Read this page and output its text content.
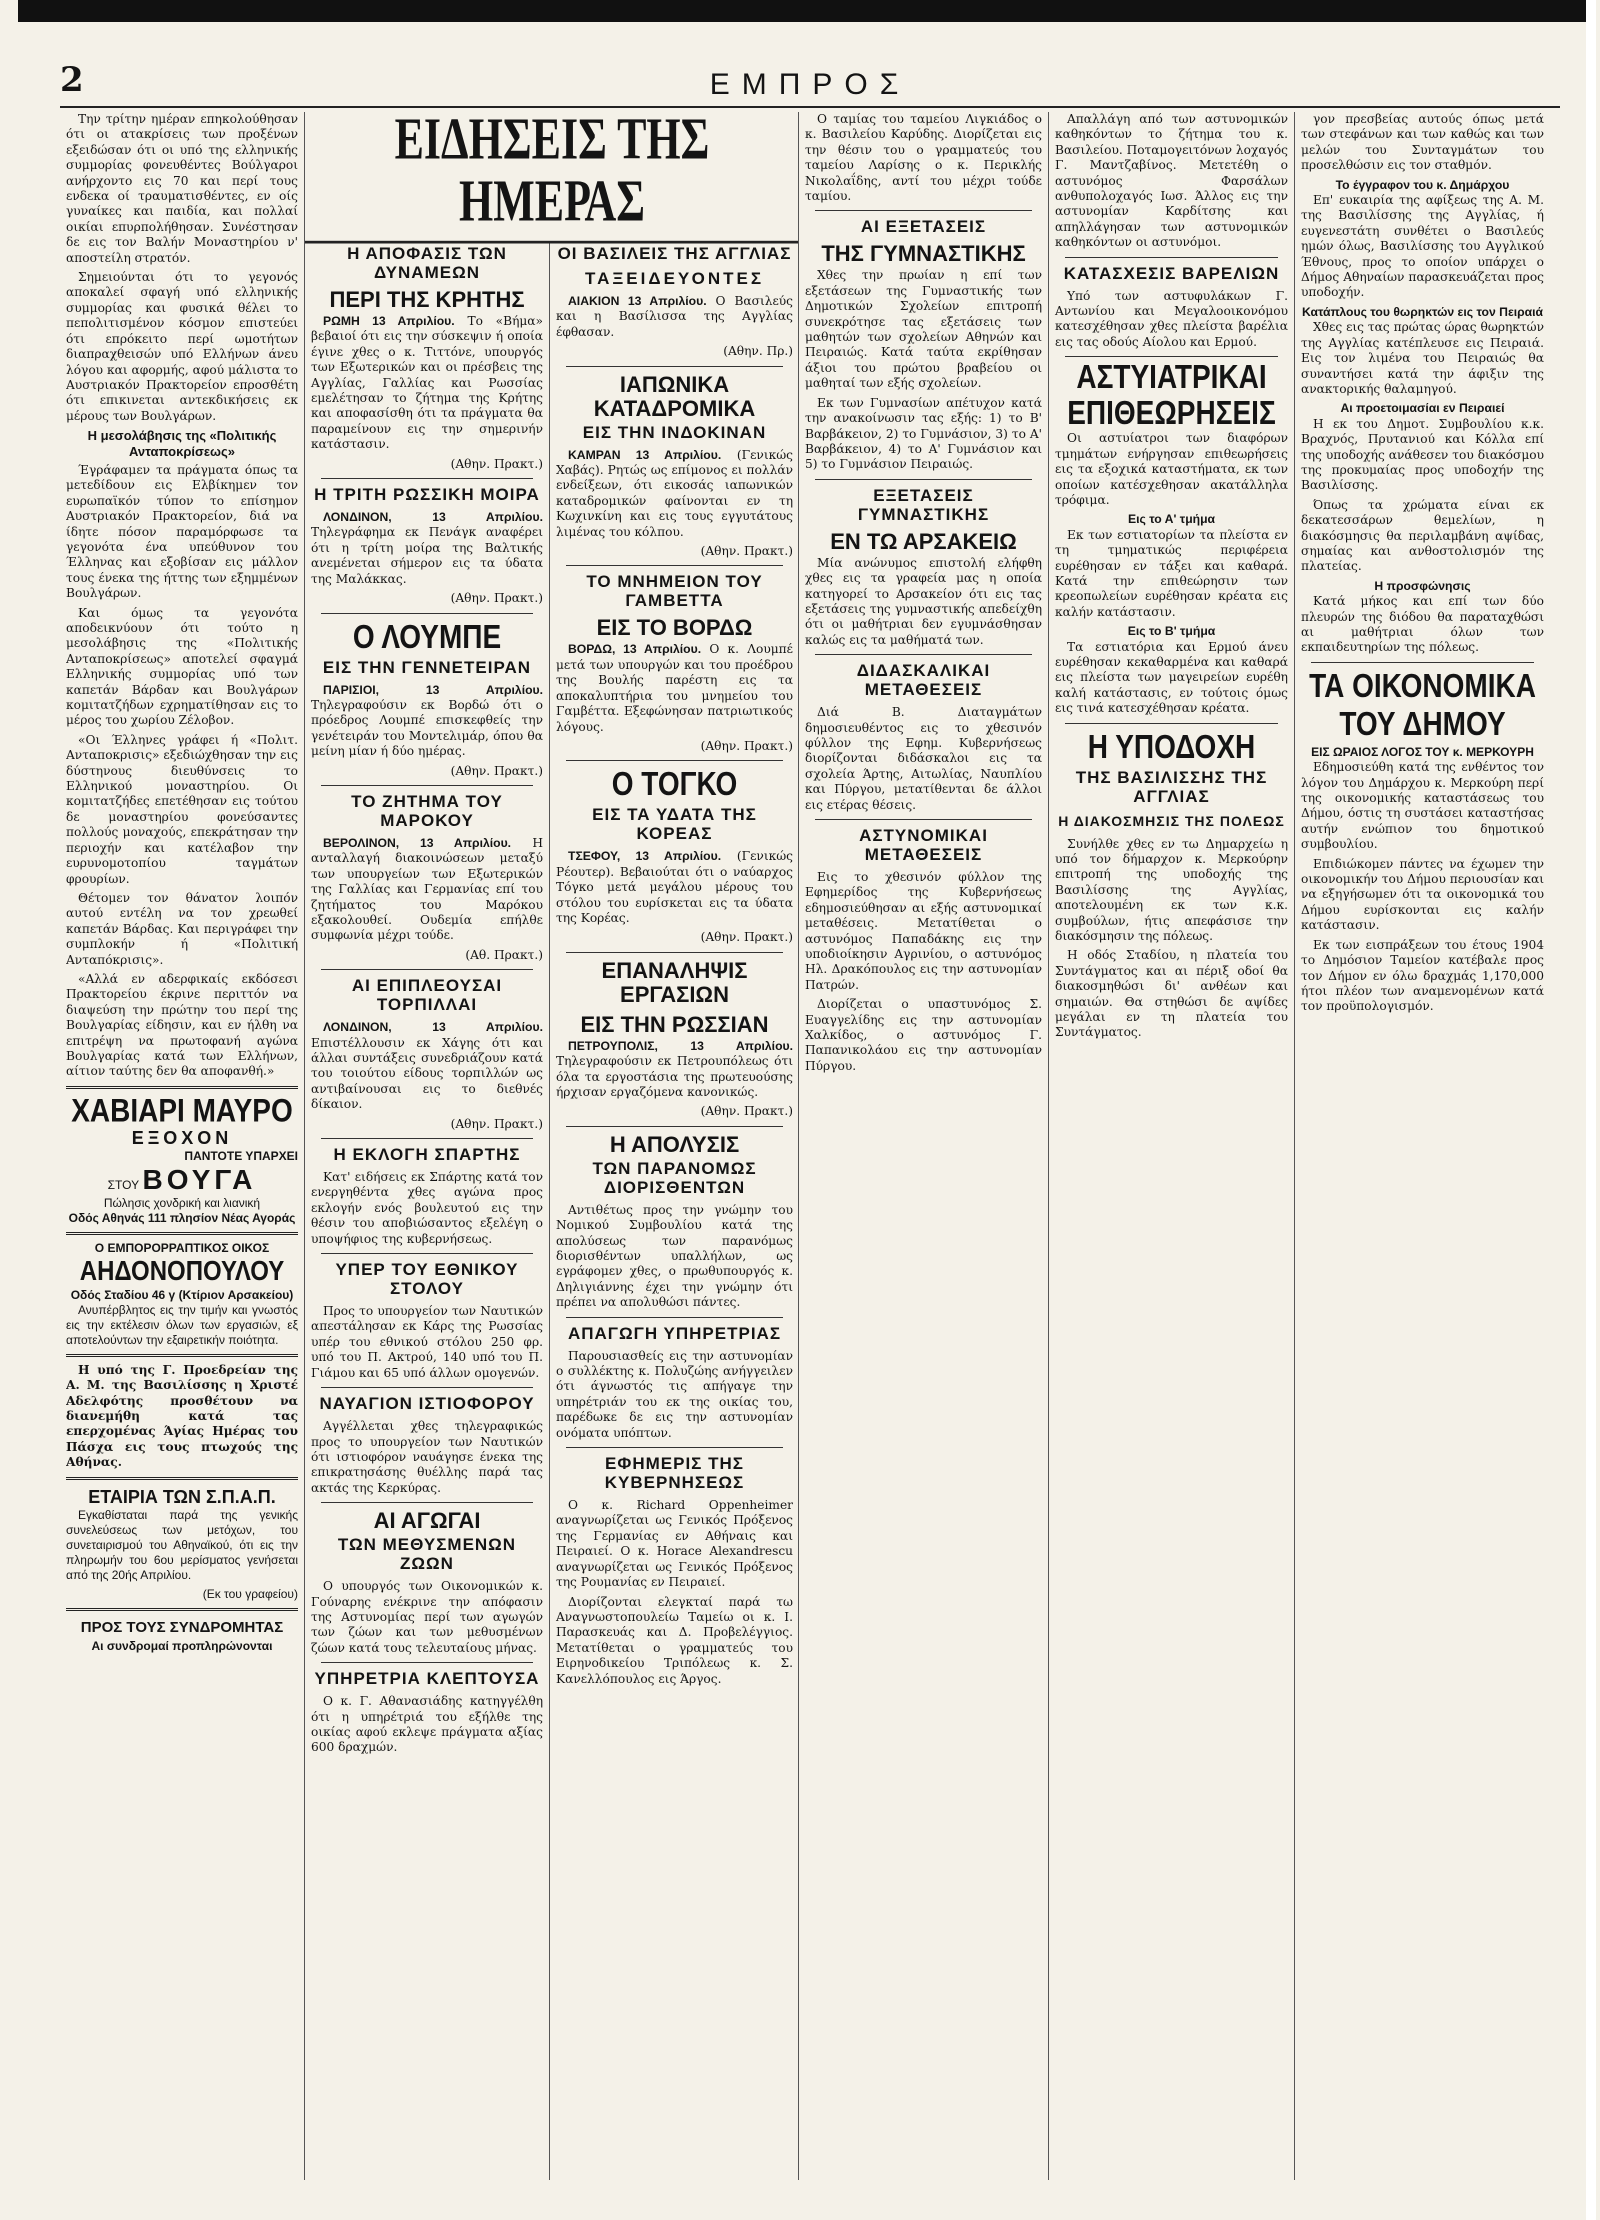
2	ΕΜΠΡΟΣ

Την τρίτην ημέραν επηκολούθησαν ότι οι ατακρίσεις των προξένων εξειδώσαν ότι οι υπό της ελληνικής συμμορίας φονευθέντες Βούλγαροι ανήρχοντο εις 70 και περί τους ενδεκα οί τραυματισθέντες, εν οίς γυναίκες και παιδία, και πολλαί οικίαι επυρπολήθησαν. Συνέστησαν δε εις τον Βαλήν Μοναστηρίου ν' αποστείλη στρατόν.

Σημειούνται ότι το γεγονός αποκαλεί σφαγή υπό ελληνικής συμμορίας και φυσικά θέλει το πεπολιτισμένον κόσμον επιστεύει ότι επρόκειτο περί ωμοτήτων διαπραχθεισών υπό Ελλήνων άνευ λόγου και αφορμής, αφού μάλιστα το Αυστριακόν Πρακτορείον επροσθέτη ότι επικινεται αντεκδικήσεις εκ μέρους των Βουλγάρων.

Η μεσολάβησις της «Πολιτικής Ανταποκρίσεως»

Έγράφαμεν τα πράγματα όπως τα μετεδίδουν εις Ελβίκημεν τον ευρωπαϊκόν τύπον το επίσημον Αυστριακόν Πρακτορείον, διά να ίδητε πόσον παραμόρφωσε τα γεγονότα ένα υπεύθυνον του Έλληνας και εξοβίσαν εις μάλλον τους ένεκα της ήττης των εξημμένων Βουλγάρων.

Και όμως τα γεγονότα αποδεικνύουν ότι τούτο η μεσολάβησις της «Πολιτικής Ανταποκρίσεως» αποτελεί σφαγμά Ελληνικής συμμορίας υπό των καπετάν Βάρδαν και Βουλγάρων κομιτατζήδων εχρηματίθησαν εις το μέρος του χωρίου Ζέλοβον.

«Οι Έλληνες γράφει ή «Πολιτ. Ανταποκρισις» εξεδιώχθησαν την εις δύστηνους διευθύνσεις το Ελληνικού μοναστηρίου. Οι κομιτατζήδες επετέθησαν εις τούτου δε μοναστηρίου φονεύσαντες πολλούς μοναχούς, επεκράτησαν την περιοχήν και κατέλαβον την ευρυνομοτοπίου ταγμάτων φρουρίων.

Θέτομεν τον θάνατον λοιπόν αυτού εντέλη να τον χρεωθεί καπετάν Βάρδας. Και περιγράφει την συμπλοκήν ή «Πολιτική Ανταπόκρισις».

«Αλλά εν αδερφικαίς εκδόσεσι Πρακτορείου έκρινε περιττόν να διαψεύση την πρώτην του περί της Βουλγαρίας είδησιν, και εν ήλθη να επιτρέψη να πρωτοφανή αγώνα Βουλγαρίας κατά των Ελλήνων, αίτιον ταύτης δεν θα αποφανθή.»

ΧΑΒΙΑΡΙ ΜΑΥΡΟ
ΕΞΟΧΟΝ
ΠΑΝΤΟΤΕ ΥΠΑΡΧΕΙ
ΣΤΟΥ ΒΟΥΓΑ
Πώλησις χονδρική και λιανική
Οδός Αθηνάς 111 πλησίον Νέας Αγοράς
Ο ΕΜΠΟΡΟΡΡΑΠΤΙΚΟΣ ΟΙΚΟΣ
ΑΗΔΟΝΟΠΟΥΛΟΥ
Οδός Σταδίου 46 γ (Κτίριον Αρσακείου)

Ανυπέρβλητος εις την τιμήν και γνωστός εις την εκτέλεσιν όλων των εργασιών, εξ αποτελούντων την εξαιρετικήν ποιότητα.

Η υπό της Γ. Προεδρείαν της Α. Μ. της Βασιλίσσης η Χριστέ Αδελφότης προσθέτουν να διανεμήθη κατά τας επερχομένας Άγίας Ημέρας του Πάσχα εις τους πτωχούς της Αθήνας.

ΕΤΑΙΡΙΑ ΤΩΝ Σ.Π.Α.Π.

Εγκαθίσταται παρά της γενικής συνελεύσεως των μετόχων, του συνεταιρισμού του Αθηναϊκού, ότι εις την πληρωμήν του 6ου μερίσματος γενήσεται από της 20ής Απριλίου.

(Εκ του γραφείου)
ΠΡΟΣ ΤΟΥΣ ΣΥΝΔΡΟΜΗΤΑΣ
Αι συνδρομαί προπληρώνονται
ΕΙΔΗΣΕΙΣ ΤΗΣ ΗΜΕΡΑΣ
Η ΑΠΟΦΑΣΙΣ ΤΩΝ ΔΥΝΑΜΕΩΝ
ΠΕΡΙ ΤΗΣ ΚΡΗΤΗΣ

ΡΩΜΗ 13 Απριλίου. Το «Βήμα» βεβαιοί ότι εις την σύσκεψιν ή οποία έγινε χθες ο κ. Τιττόνε, υπουργός των Εξωτερικών και οι πρέσβεις της Αγγλίας, Γαλλίας και Ρωσσίας εμελέτησαν το ζήτημα της Κρήτης και αποφασίσθη ότι τα πράγματα θα παραμείνουν εις την σημερινήν κατάστασιν.

(Αθην. Πρακτ.)
Η ΤΡΙΤΗ ΡΩΣΣΙΚΗ ΜΟΙΡΑ

ΛΟΝΔΙΝΟΝ, 13 Απριλίου. Τηλεγράφημα εκ Πενάγκ αναφέρει ότι η τρίτη μοίρα της Βαλτικής ανεμένεται σήμερον εις τα ύδατα της Μαλάκκας.

(Αθην. Πρακτ.)
Ο ΛΟΥΜΠΕ
ΕΙΣ ΤΗΝ ΓΕΝΝΕΤΕΙΡΑΝ

ΠΑΡΙΣΙΟΙ, 13 Απριλίου. Τηλεγραφούσιν εκ Βορδώ ότι ο πρόεδρος Λουμπέ επισκεφθείς την γενέτειράν του Μοντελιμάρ, όπου θα μείνη μίαν ή δύο ημέρας.

(Αθην. Πρακτ.)
ΤΟ ΖΗΤΗΜΑ ΤΟΥ ΜΑΡΟΚΟΥ

ΒΕΡΟΛΙΝΟΝ, 13 Απριλίου. Η ανταλλαγή διακοινώσεων μεταξύ των υπουργείων των Εξωτερικών της Γαλλίας και Γερμανίας επί του ζητήματος του Μαρόκου εξακολουθεί. Ουδεμία επήλθε συμφωνία μέχρι τούδε.

(Αθ. Πρακτ.)
ΑΙ ΕΠΙΠΛΕΟΥΣΑΙ ΤΟΡΠΙΛΛΑΙ

ΛΟΝΔΙΝΟΝ, 13 Απριλίου. Επιστέλλουσιν εκ Χάγης ότι και άλλαι συντάξεις συνεδριάζουν κατά του τοιούτου είδους τορπιλλών ως αντιβαίνουσαι εις το διεθνές δίκαιον.

(Αθην. Πρακτ.)
Η ΕΚΛΟΓΗ ΣΠΑΡΤΗΣ

Κατ' ειδήσεις εκ Σπάρτης κατά τον ενεργηθέντα χθες αγώνα προς εκλογήν ενός βουλευτού εις την θέσιν του αποβιώσαντος εξελέγη ο υποψήφιος της κυβερνήσεως.

ΥΠΕΡ ΤΟΥ ΕΘΝΙΚΟΥ ΣΤΟΛΟΥ

Προς το υπουργείον των Ναυτικών απεστάλησαν εκ Κάρς της Ρωσσίας υπέρ του εθνικού στόλου 250 φρ. υπό του Π. Ακτρού, 140 υπό του Π. Γιάμου και 65 υπό άλλων ομογενών.

ΝΑΥΑΓΙΟΝ ΙΣΤΙΟΦΟΡΟΥ

Αγγέλλεται χθες τηλεγραφικώς προς το υπουργείον των Ναυτικών ότι ιστιοφόρον ναυάγησε ένεκα της επικρατησάσης θυέλλης παρά τας ακτάς της Κερκύρας.

ΑΙ ΑΓΩΓΑΙ
ΤΩΝ ΜΕΘΥΣΜΕΝΩΝ ΖΩΩΝ

Ο υπουργός των Οικονομικών κ. Γούναρης ενέκρινε την απόφασιν της Αστυνομίας περί των αγωγών των ζώων και των μεθυσμένων ζώων κατά τους τελευταίους μήνας.

ΥΠΗΡΕΤΡΙΑ ΚΛΕΠΤΟΥΣΑ

Ο κ. Γ. Αθανασιάδης κατηγγέλθη ότι η υπηρέτριά του εξήλθε της οικίας αφού εκλεψε πράγματα αξίας 600 δραχμών.

ΟΙ ΒΑΣΙΛΕΙΣ ΤΗΣ ΑΓΓΛΙΑΣ
ΤΑΞΕΙΔΕΥΟΝΤΕΣ

ΑΙΑΚΙΟΝ 13 Απριλίου. Ο Βασιλεύς και η Βασίλισσα της Αγγλίας έφθασαν.

(Αθην. Πρ.)
ΙΑΠΩΝΙΚΑ ΚΑΤΑΔΡΟΜΙΚΑ
ΕΙΣ ΤΗΝ ΙΝΔΟΚΙΝΑΝ

ΚΑΜΡΑΝ 13 Απριλίου. (Γενικώς Χαβάς). Ρητώς ως επίμονος ει πολλάν ενδείξεων, ότι εικοσάς ιαπωνικών καταδρομικών φαίνονται εν τη Κωχινκίνη και εις τους εγγυτάτους λιμένας του κόλπου.

(Αθην. Πρακτ.)
ΤΟ ΜΝΗΜΕΙΟΝ ΤΟΥ ΓΑΜΒΕΤΤΑ
ΕΙΣ ΤΟ ΒΟΡΔΩ

ΒΟΡΔΩ, 13 Απριλίου. Ο κ. Λουμπέ μετά των υπουργών και του προέδρου της Βουλής παρέστη εις τα αποκαλυπτήρια του μνημείου του Γαμβέττα. Εξεφώνησαν πατριωτικούς λόγους.

(Αθην. Πρακτ.)
Ο ΤΟΓΚΟ
ΕΙΣ ΤΑ ΥΔΑΤΑ ΤΗΣ ΚΟΡΕΑΣ

ΤΣΕΦΟΥ, 13 Απριλίου. (Γενικώς Ρέουτερ). Βεβαιούται ότι ο ναύαρχος Τόγκο μετά μεγάλου μέρους του στόλου του ευρίσκεται εις τα ύδατα της Κορέας.

(Αθην. Πρακτ.)
ΕΠΑΝΑΛΗΨΙΣ ΕΡΓΑΣΙΩΝ
ΕΙΣ ΤΗΝ ΡΩΣΣΙΑΝ

ΠΕΤΡΟΥΠΟΛΙΣ, 13 Απριλίου. Τηλεγραφούσιν εκ Πετρουπόλεως ότι όλα τα εργοστάσια της πρωτευούσης ήρχισαν εργαζόμενα κανονικώς.

(Αθην. Πρακτ.)
Η ΑΠΟΛΥΣΙΣ
ΤΩΝ ΠΑΡΑΝΟΜΩΣ ΔΙΟΡΙΣΘΕΝΤΩΝ

Αντιθέτως προς την γνώμην του Νομικού Συμβουλίου κατά της απολύσεως των παρανόμως διορισθέντων υπαλλήλων, ως εγράφομεν χθες, ο πρωθυπουργός κ. Δηλιγιάννης έχει την γνώμην ότι πρέπει να απολυθώσι πάντες.

ΑΠΑΓΩΓΗ ΥΠΗΡΕΤΡΙΑΣ

Παρουσιασθείς εις την αστυνομίαν ο συλλέκτης κ. Πολυζώης ανήγγειλεν ότι άγνωστός τις απήγαγε την υπηρέτριάν του εκ της οικίας του, παρέδωκε δε εις την αστυνομίαν ονόματα υπόπτων.

ΕΦΗΜΕΡΙΣ ΤΗΣ ΚΥΒΕΡΝΗΣΕΩΣ

Ο κ. Richard Oppenheimer αναγνωρίζεται ως Γενικός Πρόξενος της Γερμανίας εν Αθήναις και Πειραιεί. Ο κ. Horace Alexandrescu αναγνωρίζεται ως Γενικός Πρόξενος της Ρουμανίας εν Πειραιεί.

Διορίζονται ελεγκταί παρά τω Αναγνωστοπουλείω Ταμείω οι κ. Ι. Παρασκευάς και Δ. Προβελέγγιος. Μετατίθεται ο γραμματεύς του Ειρηνοδικείου Τριπόλεως κ. Σ. Κανελλόπουλος εις Άργος.

Ο ταμίας του ταμείου Λιγκιάδος ο κ. Βασιλείου Καρύδης. Διορίζεται εις την θέσιν του ο γραμματεύς του ταμείου Λαρίσης ο κ. Περικλής Νικολαΐδης, αντί του μέχρι τούδε ταμίου.

ΑΙ ΕΞΕΤΑΣΕΙΣ
ΤΗΣ ΓΥΜΝΑΣΤΙΚΗΣ

Χθες την πρωίαν η επί των εξετάσεων της Γυμναστικής των Δημοτικών Σχολείων επιτροπή συνεκρότησε τας εξετάσεις των μαθητών των σχολείων Αθηνών και Πειραιώς. Κατά ταύτα εκρίθησαν άξιοι του πρώτου βραβείου οι μαθηταί των εξής σχολείων.

Εκ των Γυμνασίων απέτυχον κατά την ανακοίνωσιν τας εξής: 1) το Β' Βαρβάκειον, 2) το Γυμνάσιον, 3) το Α' Βαρβάκειον, 4) το Α' Γυμνάσιον και 5) το Γυμνάσιον Πειραιώς.

ΕΞΕΤΑΣΕΙΣ ΓΥΜΝΑΣΤΙΚΗΣ
ΕΝ ΤΩ ΑΡΣΑΚΕΙΩ

Μία ανώνυμος επιστολή ελήφθη χθες εις τα γραφεία μας η οποία κατηγορεί το Αρσακείον ότι εις τας εξετάσεις της γυμναστικής απεδείχθη ότι οι μαθήτριαι δεν εγυμνάσθησαν καλώς εις τα μαθήματά των.

ΔΙΔΑΣΚΑΛΙΚΑΙ ΜΕΤΑΘΕΣΕΙΣ

Διά Β. Διαταγμάτων δημοσιευθέντος εις το χθεσινόν φύλλον της Εφημ. Κυβερνήσεως διορίζονται διδάσκαλοι εις τα σχολεία Άρτης, Αιτωλίας, Ναυπλίου και Πύργου, μετατίθενται δε άλλοι εις ετέρας θέσεις.

ΑΣΤΥΝΟΜΙΚΑΙ ΜΕΤΑΘΕΣΕΙΣ

Εις το χθεσινόν φύλλον της Εφημερίδος της Κυβερνήσεως εδημοσιεύθησαν αι εξής αστυνομικαί μεταθέσεις. Μετατίθεται ο αστυνόμος Παπαδάκης εις την υποδιοίκησιν Αγρινίου, ο αστυνόμος Ηλ. Δρακόπουλος εις την αστυνομίαν Πατρών.

Διορίζεται ο υπαστυνόμος Σ. Ευαγγελίδης εις την αστυνομίαν Χαλκίδος, ο αστυνόμος Γ. Παπανικολάου εις την αστυνομίαν Πύργου.

Απαλλάγη από των αστυνομικών καθηκόντων το ζήτημα του κ. Βασιλείου. Ποταμογειτόνων λοχαγός Γ. Μαντζαβίνος. Μετετέθη ο αστυνόμος Φαρσάλων ανθυπολοχαγός Ιωσ. Άλλος εις την αστυνομίαν Καρδίτσης και απηλλάγησαν των αστυνομικών καθηκόντων οι αστυνόμοι.

ΚΑΤΑΣΧΕΣΙΣ ΒΑΡΕΛΙΩΝ

Υπό των αστυφυλάκων Γ. Αντωνίου και Μεγαλοοικονόμου κατεσχέθησαν χθες πλείστα βαρέλια εις τας οδούς Αίολου και Ερμού.

ΑΣΤΥΙΑΤΡΙΚΑΙ ΕΠΙΘΕΩΡΗΣΕΙΣ

Οι αστυίατροι των διαφόρων τμημάτων ενήργησαν επιθεωρήσεις εις τα εξοχικά καταστήματα, εκ των οποίων κατέσχεθησαν ακατάλληλα τρόφιμα.

Εις το Α' τμήμα

Εκ των εστιατορίων τα πλείστα εν τη τμηματικώς περιφέρεια ευρέθησαν εν τάξει και καθαρά. Κατά την επιθεώρησιν των κρεοπωλείων ευρέθησαν κρέατα εις καλήν κατάστασιν.

Εις το Β' τμήμα

Τα εστιατόρια και Ερμού άνευ ευρέθησαν κεκαθαρμένα και καθαρά εις πλείστα των μαγειρείων ευρέθη καλή κατάστασις, εν τούτοις όμως εις τινά κατεσχέθησαν κρέατα.

Η ΥΠΟΔΟΧΗ
ΤΗΣ ΒΑΣΙΛΙΣΣΗΣ ΤΗΣ ΑΓΓΛΙΑΣ
Η ΔΙΑΚΟΣΜΗΣΙΣ ΤΗΣ ΠΟΛΕΩΣ

Συνήλθε χθες εν τω Δημαρχείω η υπό τον δήμαρχον κ. Μερκούρην επιτροπή της υποδοχής της Βασιλίσσης της Αγγλίας, αποτελουμένη εκ των κ.κ. συμβούλων, ήτις απεφάσισε την διακόσμησιν της πόλεως.

Η οδός Σταδίου, η πλατεία του Συντάγματος και αι πέριξ οδοί θα διακοσμηθώσι δι' ανθέων και σημαιών. Θα στηθώσι δε αψίδες μεγάλαι εν τη πλατεία του Συντάγματος.

γον πρεσβείας αυτούς όπως μετά των στεφάνων και των καθώς και των μελών του Συνταγμάτων του προσελθώσιν εις τον σταθμόν.

Το έγγραφον του κ. Δημάρχου

Επ' ευκαιρία της αφίξεως της Α. Μ. της Βασιλίσσης της Αγγλίας, ή ευγενεστάτη συνθέτει ο Βασιλεύς ημών όλως, Βασιλίσσης του Αγγλικού Έθνους, προς το οποίον υπάρχει ο Δήμος Αθηναίων παρασκευάζεται προς υποδοχήν.

Κατάπλους του θωρηκτών εις τον Πειραιά

Χθες εις τας πρώτας ώρας θωρηκτών της Αγγλίας κατέπλευσε εις Πειραιά. Εις τον λιμένα του Πειραιώς θα συναντήσει κατά την άφιξιν της ανακτορικής θαλαμηγού.

Αι προετοιμασίαι εν Πειραιεί

Η εκ του Δημοτ. Συμβουλίου κ.κ. Βραχνός, Πρυτανιού και Κόλλα επί της υποδοχής ανάθεσεν του διακόσμου της προκυμαίας προς υποδοχήν της Βασιλίσσης.

Όπως τα χρώματα είναι εκ δεκατεσσάρων θεμελίων, η διακόσμησις θα περιλαμβάνη αψίδας, σημαίας και ανθοστολισμόν της πλατείας.

Η προσφώνησις

Κατά μήκος και επί των δύο πλευρών της διόδου θα παραταχθώσι αι μαθήτριαι όλων των εκπαιδευτηρίων της πόλεως.

ΤΑ ΟΙΚΟΝΟΜΙΚΑ
ΤΟΥ ΔΗΜΟΥ
ΕΙΣ ΩΡΑΙΟΣ ΛΟΓΟΣ ΤΟΥ κ. ΜΕΡΚΟΥΡΗ

Εδημοσιεύθη κατά της ενθέντος τον λόγον του Δημάρχου κ. Μερκούρη περί της οικονομικής καταστάσεως του Δήμου, όστις τη συστάσει καταστήσας αυτήν ενώπιον του δημοτικού συμβουλίου.

Επιδιώκομεν πάντες να έχωμεν την οικονομικήν του Δήμου περιουσίαν και να εξηγήσωμεν ότι τα οικονομικά του Δήμου ευρίσκονται εις καλήν κατάστασιν.

Εκ των εισπράξεων του έτους 1904 το Δημόσιον Ταμείον κατέβαλε προς τον Δήμον εν όλω δραχμάς 1,170,000 ήτοι πλέον των αναμενομένων κατά τον προϋπολογισμόν.
